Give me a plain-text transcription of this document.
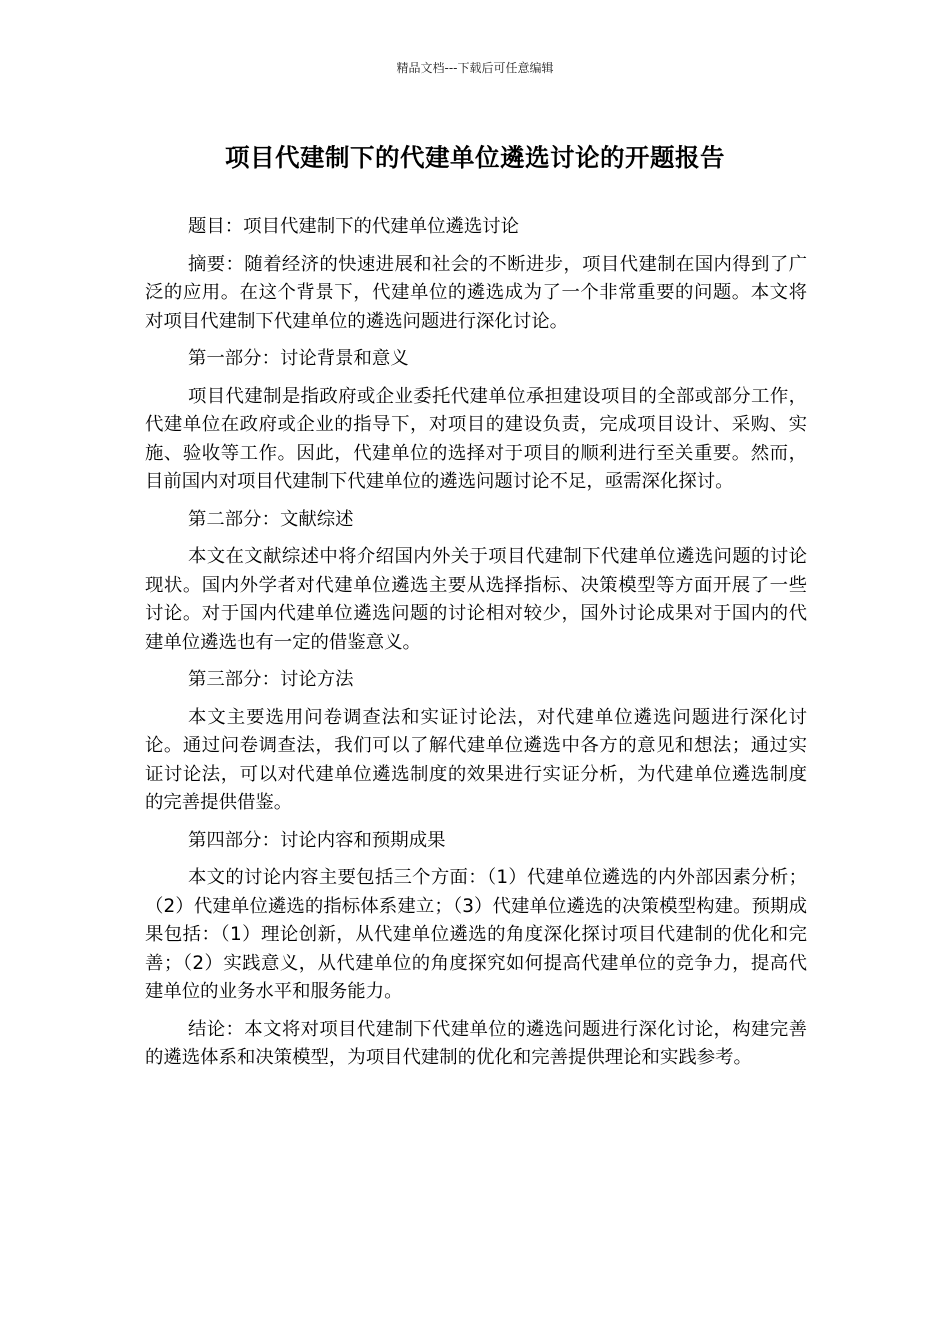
精品文档---下载后可任意编辑
项目代建制下的代建单位遴选讨论的开题报告

题目：项目代建制下的代建单位遴选讨论

摘要：随着经济的快速进展和社会的不断进步，项目代建制在国内得到了广泛的应用。在这个背景下，代建单位的遴选成为了一个非常重要的问题。本文将对项目代建制下代建单位的遴选问题进行深化讨论。

第一部分：讨论背景和意义

项目代建制是指政府或企业委托代建单位承担建设项目的全部或部分工作，代建单位在政府或企业的指导下，对项目的建设负责，完成项目设计、采购、实施、验收等工作。因此，代建单位的选择对于项目的顺利进行至关重要。然而，目前国内对项目代建制下代建单位的遴选问题讨论不足，亟需深化探讨。

第二部分：文献综述

本文在文献综述中将介绍国内外关于项目代建制下代建单位遴选问题的讨论现状。国内外学者对代建单位遴选主要从选择指标、决策模型等方面开展了一些讨论。对于国内代建单位遴选问题的讨论相对较少，国外讨论成果对于国内的代建单位遴选也有一定的借鉴意义。

第三部分：讨论方法

本文主要选用问卷调查法和实证讨论法，对代建单位遴选问题进行深化讨论。通过问卷调查法，我们可以了解代建单位遴选中各方的意见和想法；通过实证讨论法，可以对代建单位遴选制度的效果进行实证分析，为代建单位遴选制度的完善提供借鉴。

第四部分：讨论内容和预期成果

本文的讨论内容主要包括三个方面：（1）代建单位遴选的内外部因素分析；（2）代建单位遴选的指标体系建立；（3）代建单位遴选的决策模型构建。预期成果包括：（1）理论创新，从代建单位遴选的角度深化探讨项目代建制的优化和完善；（2）实践意义，从代建单位的角度探究如何提高代建单位的竞争力，提高代建单位的业务水平和服务能力。

结论：本文将对项目代建制下代建单位的遴选问题进行深化讨论，构建完善的遴选体系和决策模型，为项目代建制的优化和完善提供理论和实践参考。
